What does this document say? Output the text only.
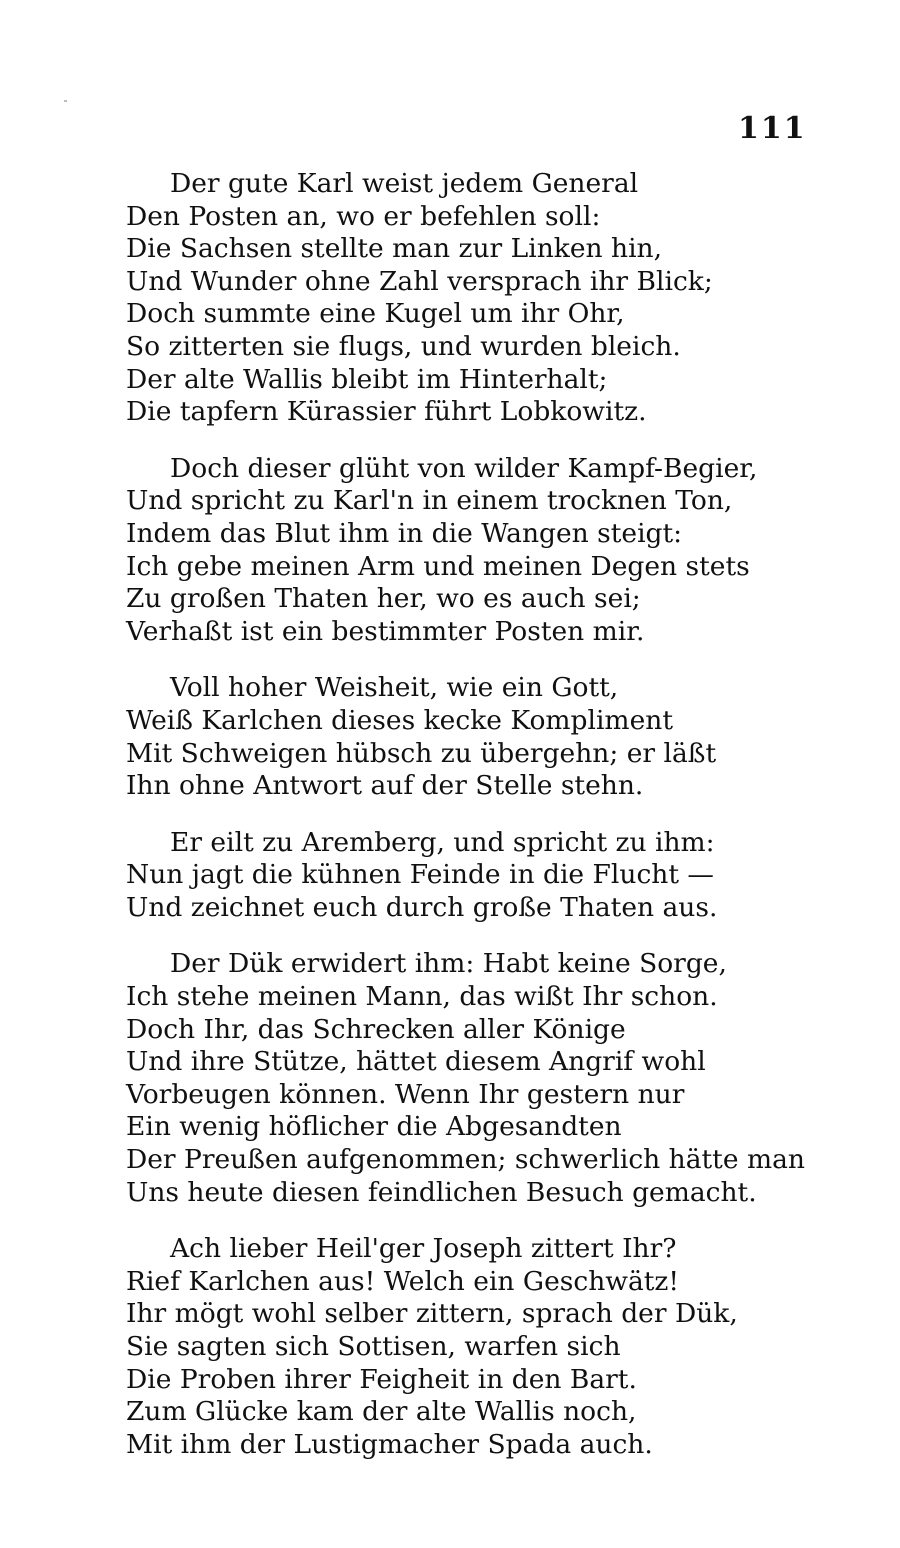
111
Der gute Karl weist jedem General
Den Posten an, wo er befehlen soll:
Die Sachsen stellte man zur Linken hin,
Und Wunder ohne Zahl versprach ihr Blick;
Doch summte eine Kugel um ihr Ohr,
So zitterten sie flugs, und wurden bleich.
Der alte Wallis bleibt im Hinterhalt;
Die tapfern Kürassier führt Lobkowitz.
Doch dieser glüht von wilder Kampf-Begier,
Und spricht zu Karl'n in einem trocknen Ton,
Indem das Blut ihm in die Wangen steigt:
Ich gebe meinen Arm und meinen Degen stets
Zu großen Thaten her, wo es auch sei;
Verhaßt ist ein bestimmter Posten mir.
Voll hoher Weisheit, wie ein Gott,
Weiß Karlchen dieses kecke Kompliment
Mit Schweigen hübsch zu übergehn; er läßt
Ihn ohne Antwort auf der Stelle stehn.
Er eilt zu Aremberg, und spricht zu ihm:
Nun jagt die kühnen Feinde in die Flucht —
Und zeichnet euch durch große Thaten aus.
Der Dük erwidert ihm: Habt keine Sorge,
Ich stehe meinen Mann, das wißt Ihr schon.
Doch Ihr, das Schrecken aller Könige
Und ihre Stütze, hättet diesem Angrif wohl
Vorbeugen können. Wenn Ihr gestern nur
Ein wenig höflicher die Abgesandten
Der Preußen aufgenommen; schwerlich hätte man
Uns heute diesen feindlichen Besuch gemacht.
Ach lieber Heil'ger Joseph zittert Ihr?
Rief Karlchen aus! Welch ein Geschwätz!
Ihr mögt wohl selber zittern, sprach der Dük,
Sie sagten sich Sottisen, warfen sich
Die Proben ihrer Feigheit in den Bart.
Zum Glücke kam der alte Wallis noch,
Mit ihm der Lustigmacher Spada auch.
